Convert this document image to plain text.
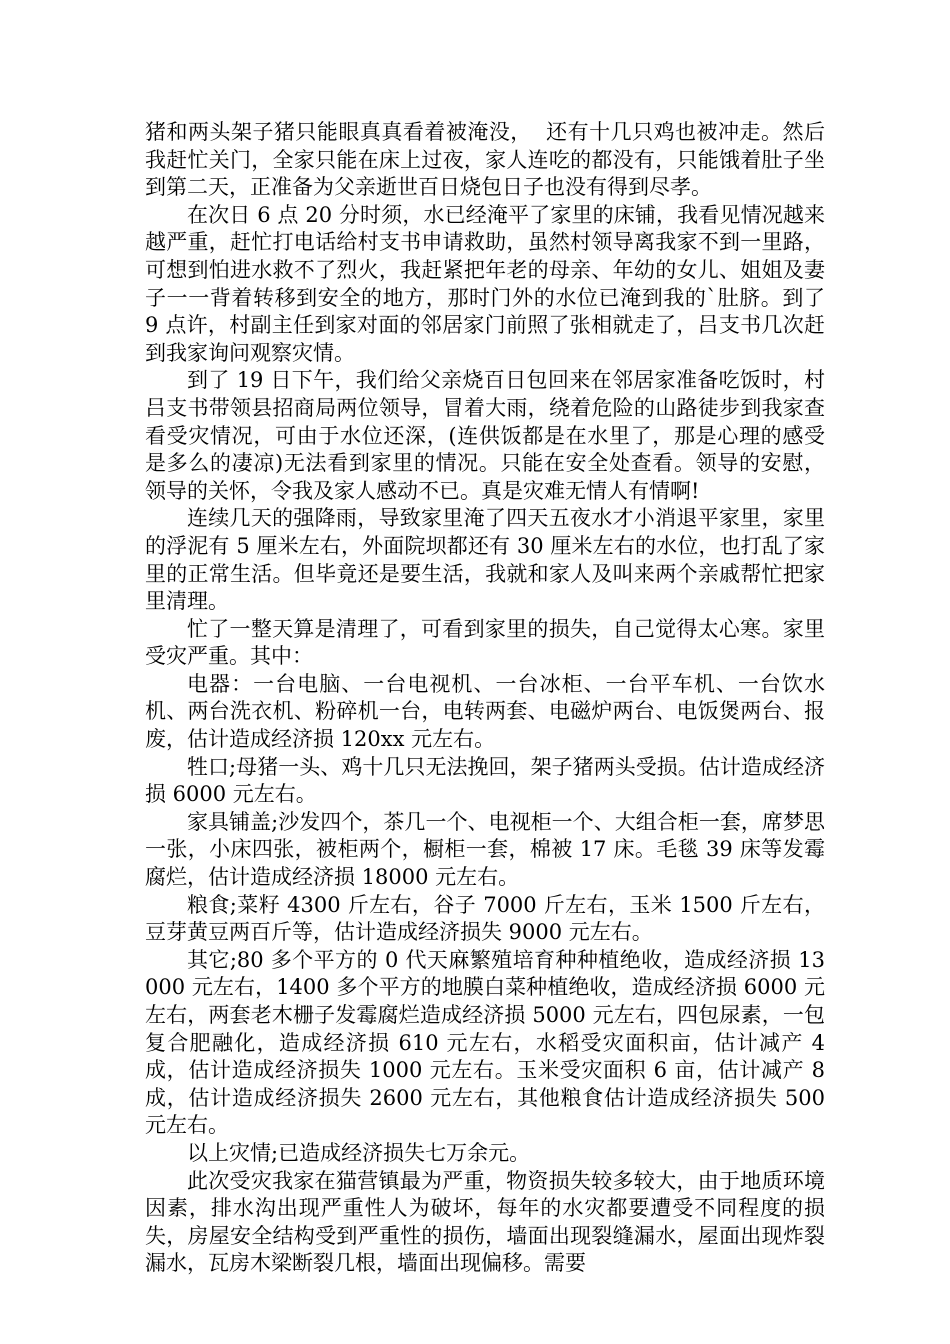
猪和两头架子猪只能眼真真看着被淹没，  还有十几只鸡也被冲走。然后我赶忙关门，全家只能在床上过夜，家人连吃的都没有，只能饿着肚子坐到第二天，正准备为父亲逝世百日烧包日子也没有得到尽孝。

在次日 6 点 20 分时须，水已经淹平了家里的床铺，我看见情况越来越严重，赶忙打电话给村支书申请救助，虽然村领导离我家不到一里路，可想到怕进水救不了烈火，我赶紧把年老的母亲、年幼的女儿、姐姐及妻子一一背着转移到安全的地方，那时门外的水位已淹到我的`肚脐。到了 9 点许，村副主任到家对面的邻居家门前照了张相就走了，吕支书几次赶到我家询问观察灾情。

到了 19 日下午，我们给父亲烧百日包回来在邻居家准备吃饭时，村吕支书带领县招商局两位领导，冒着大雨，绕着危险的山路徒步到我家查看受灾情况，可由于水位还深，(连供饭都是在水里了，那是心理的感受是多么的凄凉)无法看到家里的情况。只能在安全处查看。领导的安慰，领导的关怀，令我及家人感动不已。真是灾难无情人有情啊!

连续几天的强降雨，导致家里淹了四天五夜水才小消退平家里，家里的浮泥有 5 厘米左右，外面院坝都还有 30 厘米左右的水位，也打乱了家里的正常生活。但毕竟还是要生活，我就和家人及叫来两个亲戚帮忙把家里清理。

忙了一整天算是清理了，可看到家里的损失，自己觉得太心寒。家里受灾严重。其中：

电器：一台电脑、一台电视机、一台冰柜、一台平车机、一台饮水机、两台洗衣机、粉碎机一台，电转两套、电磁炉两台、电饭煲两台、报废，估计造成经济损 120xx 元左右。

牲口;母猪一头、鸡十几只无法挽回，架子猪两头受损。估计造成经济损 6000 元左右。

家具铺盖;沙发四个，茶几一个、电视柜一个、大组合柜一套，席梦思一张，小床四张，被柜两个，橱柜一套，棉被 17 床。毛毯 39 床等发霉腐烂，估计造成经济损 18000 元左右。

粮食;菜籽 4300 斤左右，谷子 7000 斤左右，玉米 1500 斤左右，豆芽黄豆两百斤等，估计造成经济损失 9000 元左右。

其它;80 多个平方的 0 代天麻繁殖培育种种植绝收，造成经济损 13000 元左右，1400 多个平方的地膜白菜种植绝收，造成经济损 6000 元左右，两套老木栅子发霉腐烂造成经济损 5000 元左右，四包尿素，一包复合肥融化，造成经济损 610 元左右，水稻受灾面积亩，估计减产 4 成，估计造成经济损失 1000 元左右。玉米受灾面积 6 亩，估计减产 8 成，估计造成经济损失 2600 元左右，其他粮食估计造成经济损失 500 元左右。

以上灾情;已造成经济损失七万余元。

此次受灾我家在猫营镇最为严重，物资损失较多较大，由于地质环境因素，排水沟出现严重性人为破坏，每年的水灾都要遭受不同程度的损失，房屋安全结构受到严重性的损伤，墙面出现裂缝漏水，屋面出现炸裂漏水，瓦房木梁断裂几根，墙面出现偏移。需要
